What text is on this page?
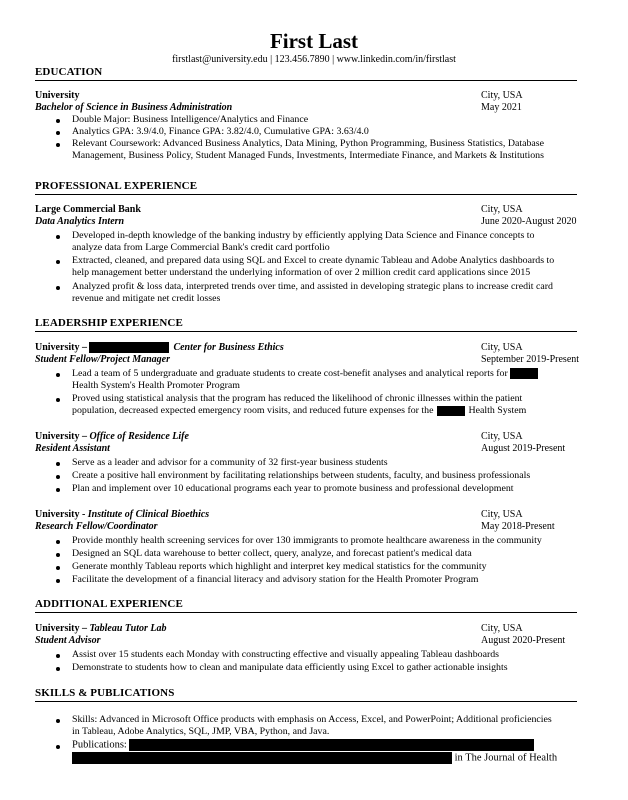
First Last
firstlast@university.edu | 123.456.7890 | www.linkedin.com/in/firstlast
EDUCATION
University	City, USA
Bachelor of Science in Business Administration	May 2021
Double Major: Business Intelligence/Analytics and Finance
Analytics GPA: 3.9/4.0, Finance GPA: 3.82/4.0, Cumulative GPA: 3.63/4.0
Relevant Coursework: Advanced Business Analytics, Data Mining, Python Programming, Business Statistics, Database
Management, Business Policy, Student Managed Funds, Investments, Intermediate Finance, and Markets & Institutions
PROFESSIONAL EXPERIENCE
Large Commercial Bank	City, USA
Data Analytics Intern	June 2020-August 2020
Developed in-depth knowledge of the banking industry by efficiently applying Data Science and Finance concepts to
analyze data from Large Commercial Bank's credit card portfolio
Extracted, cleaned, and prepared data using SQL and Excel to create dynamic Tableau and Adobe Analytics dashboards to
help management better understand the underlying information of over 2 million credit card applications since 2015
Analyzed profit & loss data, interpreted trends over time, and assisted in developing strategic plans to increase credit card
revenue and mitigate net credit losses
LEADERSHIP EXPERIENCE
University –	Center for Business Ethics	City, USA
Student Fellow/Project Manager	September 2019-Present
Lead a team of 5 undergraduate and graduate students to create cost-benefit analyses and analytical reports for
Health System's Health Promoter Program
Proved using statistical analysis that the program has reduced the likelihood of chronic illnesses within the patient
population, decreased expected emergency room visits, and reduced future expenses for the	Health System
University – Office of Residence Life	City, USA
Resident Assistant	August 2019-Present
Serve as a leader and advisor for a community of 32 first-year business students
Create a positive hall environment by facilitating relationships between students, faculty, and business professionals
Plan and implement over 10 educational programs each year to promote business and professional development
University - Institute of Clinical Bioethics	City, USA
Research Fellow/Coordinator	May 2018-Present
Provide monthly health screening services for over 130 immigrants to promote healthcare awareness in the community
Designed an SQL data warehouse to better collect, query, analyze, and forecast patient's medical data
Generate monthly Tableau reports which highlight and interpret key medical statistics for the community
Facilitate the development of a financial literacy and advisory station for the Health Promoter Program
ADDITIONAL EXPERIENCE
University – Tableau Tutor Lab	City, USA
Student Advisor	August 2020-Present
Assist over 15 students each Monday with constructing effective and visually appealing Tableau dashboards
Demonstrate to students how to clean and manipulate data efficiently using Excel to gather actionable insights
SKILLS & PUBLICATIONS
Skills: Advanced in Microsoft Office products with emphasis on Access, Excel, and PowerPoint; Additional proficiencies
in Tableau, Adobe Analytics, SQL, JMP, VBA, Python, and Java.
Publications:
in The Journal of Health
